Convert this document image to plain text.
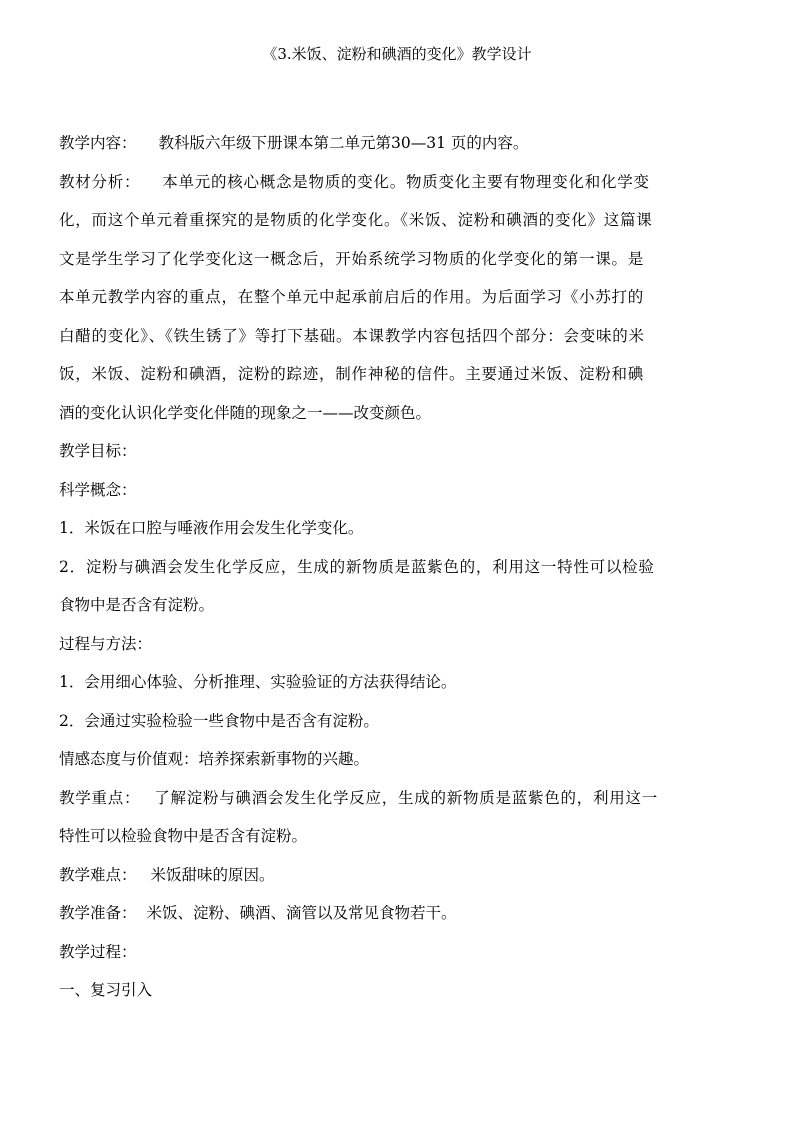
《3.米饭、淀粉和碘酒的变化》教学设计
教学内容： 教科版六年级下册课本第二单元第30—31 页的内容。
教材分析： 本单元的核心概念是物质的变化。物质变化主要有物理变化和化学变
化，而这个单元着重探究的是物质的化学变化。《米饭、淀粉和碘酒的变化》这篇课
文是学生学习了化学变化这一概念后，开始系统学习物质的化学变化的第一课。是
本单元教学内容的重点，在整个单元中起承前启后的作用。为后面学习《小苏打的
白醋的变化》、《铁生锈了》等打下基础。本课教学内容包括四个部分：会变味的米
饭，米饭、淀粉和碘酒，淀粉的踪迹，制作神秘的信件。主要通过米饭、淀粉和碘
酒的变化认识化学变化伴随的现象之一——改变颜色。
教学目标：
科学概念：
1．米饭在口腔与唾液作用会发生化学变化。
2．淀粉与碘酒会发生化学反应，生成的新物质是蓝紫色的，利用这一特性可以检验
食物中是否含有淀粉。
过程与方法：
1．会用细心体验、分析推理、实验验证的方法获得结论。
2．会通过实验检验一些食物中是否含有淀粉。
情感态度与价值观：培养探索新事物的兴趣。
教学重点： 了解淀粉与碘酒会发生化学反应，生成的新物质是蓝紫色的，利用这一
特性可以检验食物中是否含有淀粉。
教学难点： 米饭甜味的原因。
教学准备： 米饭、淀粉、碘酒、滴管以及常见食物若干。
教学过程：
一、复习引入
